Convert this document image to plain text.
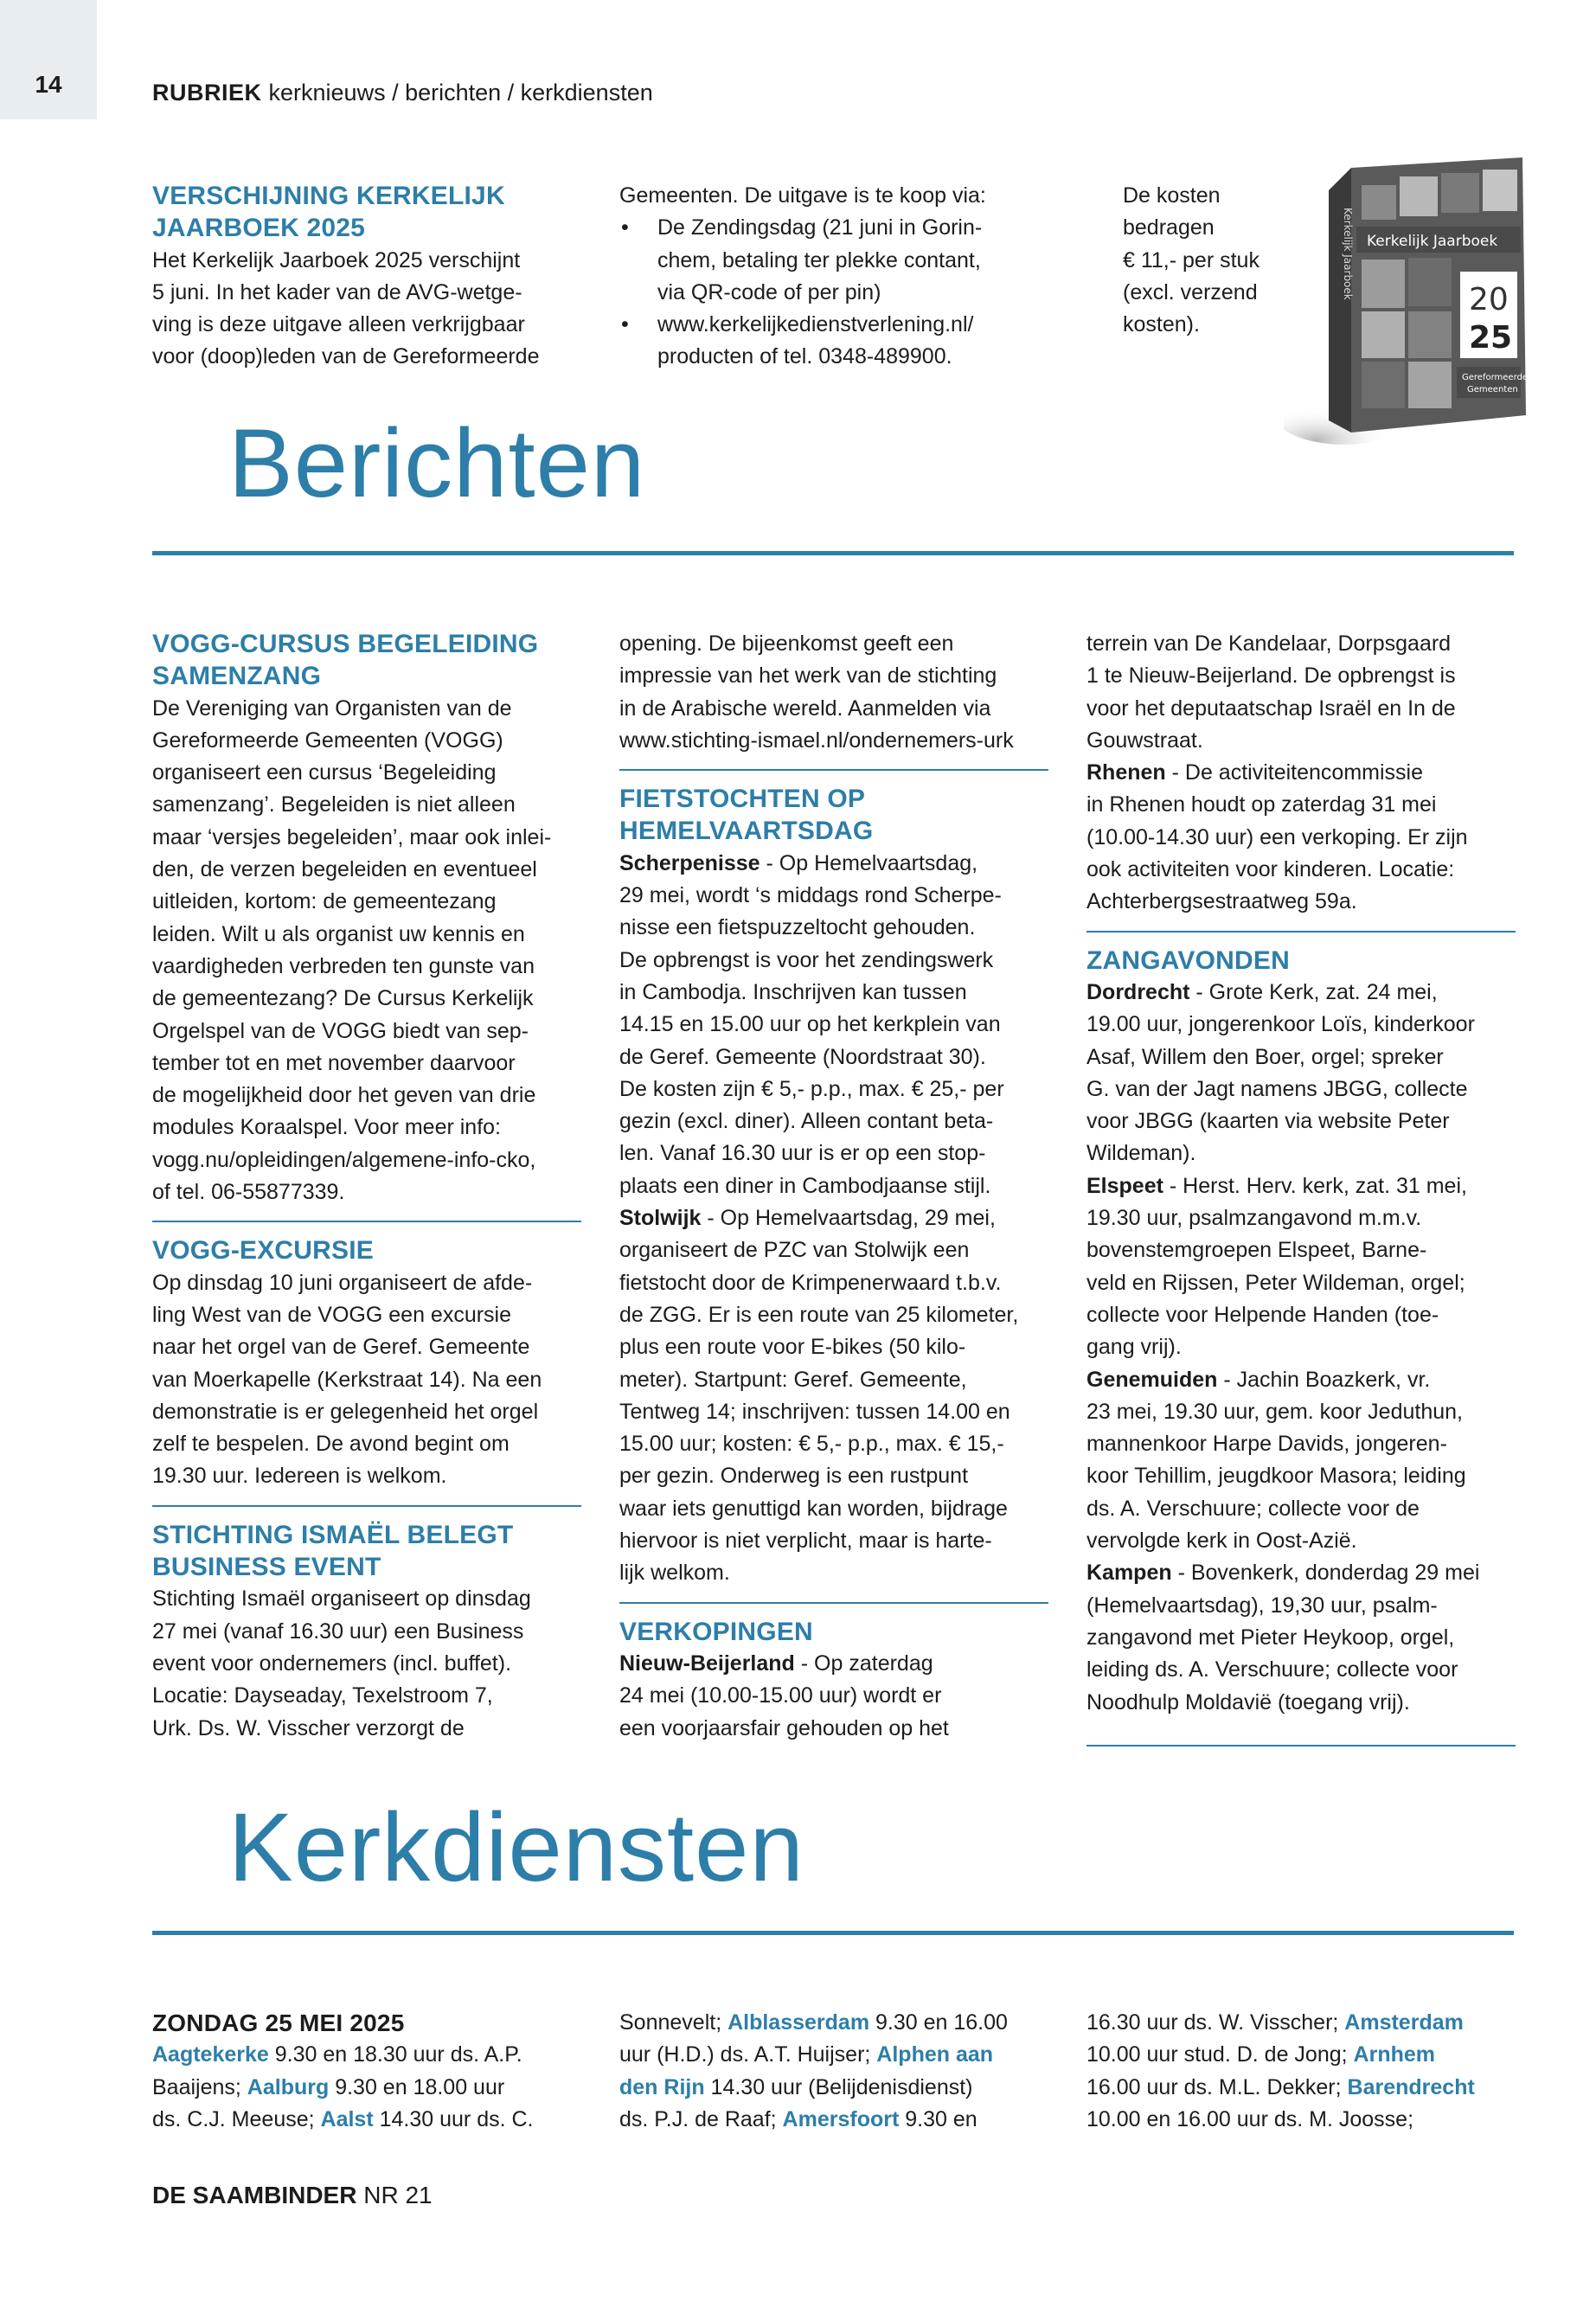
14	RUBRIEK kerknieuws / berichten / kerkdiensten

VERSCHIJNING KERKELIJK

JAARBOEK 2025

Het Kerkelijk Jaarboek 2025 verschijnt

5 juni. In het kader van de AVG-wetge-

ving is deze uitgave alleen verkrijgbaar

voor (doop)leden van de Gereformeerde

Gemeenten. De uitgave is te koop via:

• De Zendingsdag (21 juni in Gorin-

chem, betaling ter plekke contant,

via QR-code of per pin)

• www.kerkelijkedienstverlening.nl/

producten of tel. 0348-489900.

De kosten

bedragen

€ 11,- per stuk

(excl. verzend

kosten).

Kerkelijk Jaarboek
20
25
Gereformeerde
Gemeenten
Kerkelijk Jaarboek
Berichten

VOGG-CURSUS BEGELEIDING

SAMENZANG

De Vereniging van Organisten van de

Gereformeerde Gemeenten (VOGG)

organiseert een cursus ‘Begeleiding

samenzang’. Begeleiden is niet alleen

maar ‘versjes begeleiden’, maar ook inlei-

den, de verzen begeleiden en eventueel

uitleiden, kortom: de gemeentezang

leiden. Wilt u als organist uw kennis en

vaardigheden verbreden ten gunste van

de gemeentezang? De Cursus Kerkelijk

Orgelspel van de VOGG biedt van sep-

tember tot en met november daarvoor

de mogelijkheid door het geven van drie

modules Koraalspel. Voor meer info:

vogg.nu/opleidingen/algemene-info-cko,

of tel. 06-55877339.

VOGG-EXCURSIE

Op dinsdag 10 juni organiseert de afde-

ling West van de VOGG een excursie

naar het orgel van de Geref. Gemeente

van Moerkapelle (Kerkstraat 14). Na een

demonstratie is er gelegenheid het orgel

zelf te bespelen. De avond begint om

19.30 uur. Iedereen is welkom.

STICHTING ISMAËL BELEGT

BUSINESS EVENT

Stichting Ismaël organiseert op dinsdag

27 mei (vanaf 16.30 uur) een Business

event voor ondernemers (incl. buffet).

Locatie: Dayseaday, Texelstroom 7,

Urk. Ds. W. Visscher verzorgt de

opening. De bijeenkomst geeft een

impressie van het werk van de stichting

in de Arabische wereld. Aanmelden via

www.stichting-ismael.nl/ondernemers-urk

FIETSTOCHTEN OP

HEMELVAARTSDAG

Scherpenisse - Op Hemelvaartsdag,

29 mei, wordt ‘s middags rond Scherpe-

nisse een fietspuzzeltocht gehouden.

De opbrengst is voor het zendingswerk

in Cambodja. Inschrijven kan tussen

14.15 en 15.00 uur op het kerkplein van

de Geref. Gemeente (Noordstraat 30).

De kosten zijn € 5,- p.p., max. € 25,- per

gezin (excl. diner). Alleen contant beta-

len. Vanaf 16.30 uur is er op een stop-

plaats een diner in Cambodjaanse stijl.

Stolwijk - Op Hemelvaartsdag, 29 mei,

organiseert de PZC van Stolwijk een

fietstocht door de Krimpenerwaard t.b.v.

de ZGG. Er is een route van 25 kilometer,

plus een route voor E-bikes (50 kilo-

meter). Startpunt: Geref. Gemeente,

Tentweg 14; inschrijven: tussen 14.00 en

15.00 uur; kosten: € 5,- p.p., max. € 15,-

per gezin. Onderweg is een rustpunt

waar iets genuttigd kan worden, bijdrage

hiervoor is niet verplicht, maar is harte-

lijk welkom.

VERKOPINGEN

Nieuw-Beijerland - Op zaterdag

24 mei (10.00-15.00 uur) wordt er

een voorjaarsfair gehouden op het

terrein van De Kandelaar, Dorpsgaard

1 te Nieuw-Beijerland. De opbrengst is

voor het deputaatschap Israël en In de

Gouwstraat.

Rhenen - De activiteitencommissie

in Rhenen houdt op zaterdag 31 mei

(10.00-14.30 uur) een verkoping. Er zijn

ook activiteiten voor kinderen. Locatie:

Achterbergsestraatweg 59a.

ZANGAVONDEN

Dordrecht - Grote Kerk, zat. 24 mei,

19.00 uur, jongerenkoor Loïs, kinderkoor

Asaf, Willem den Boer, orgel; spreker

G. van der Jagt namens JBGG, collecte

voor JBGG (kaarten via website Peter

Wildeman).

Elspeet - Herst. Herv. kerk, zat. 31 mei,

19.30 uur, psalmzangavond m.m.v.

bovenstemgroepen Elspeet, Barne-

veld en Rijssen, Peter Wildeman, orgel;

collecte voor Helpende Handen (toe-

gang vrij).

Genemuiden - Jachin Boazkerk, vr.

23 mei, 19.30 uur, gem. koor Jeduthun,

mannenkoor Harpe Davids, jongeren-

koor Tehillim, jeugdkoor Masora; leiding

ds. A. Verschuure; collecte voor de

vervolgde kerk in Oost-Azië.

Kampen - Bovenkerk, donderdag 29 mei

(Hemelvaartsdag), 19,30 uur, psalm-

zangavond met Pieter Heykoop, orgel,

leiding ds. A. Verschuure; collecte voor

Noodhulp Moldavië (toegang vrij).

Kerkdiensten

ZONDAG 25 MEI 2025

Aagtekerke 9.30 en 18.30 uur ds. A.P.

Baaijens; Aalburg 9.30 en 18.00 uur

ds. C.J. Meeuse; Aalst 14.30 uur ds. C.

Sonnevelt; Alblasserdam 9.30 en 16.00

uur (H.D.) ds. A.T. Huijser; Alphen aan

den Rijn 14.30 uur (Belijdenisdienst)

ds. P.J. de Raaf; Amersfoort 9.30 en

16.30 uur ds. W. Visscher; Amsterdam

10.00 uur stud. D. de Jong; Arnhem

16.00 uur ds. M.L. Dekker; Barendrecht

10.00 en 16.00 uur ds. M. Joosse;

DE SAAMBINDER NR 21
